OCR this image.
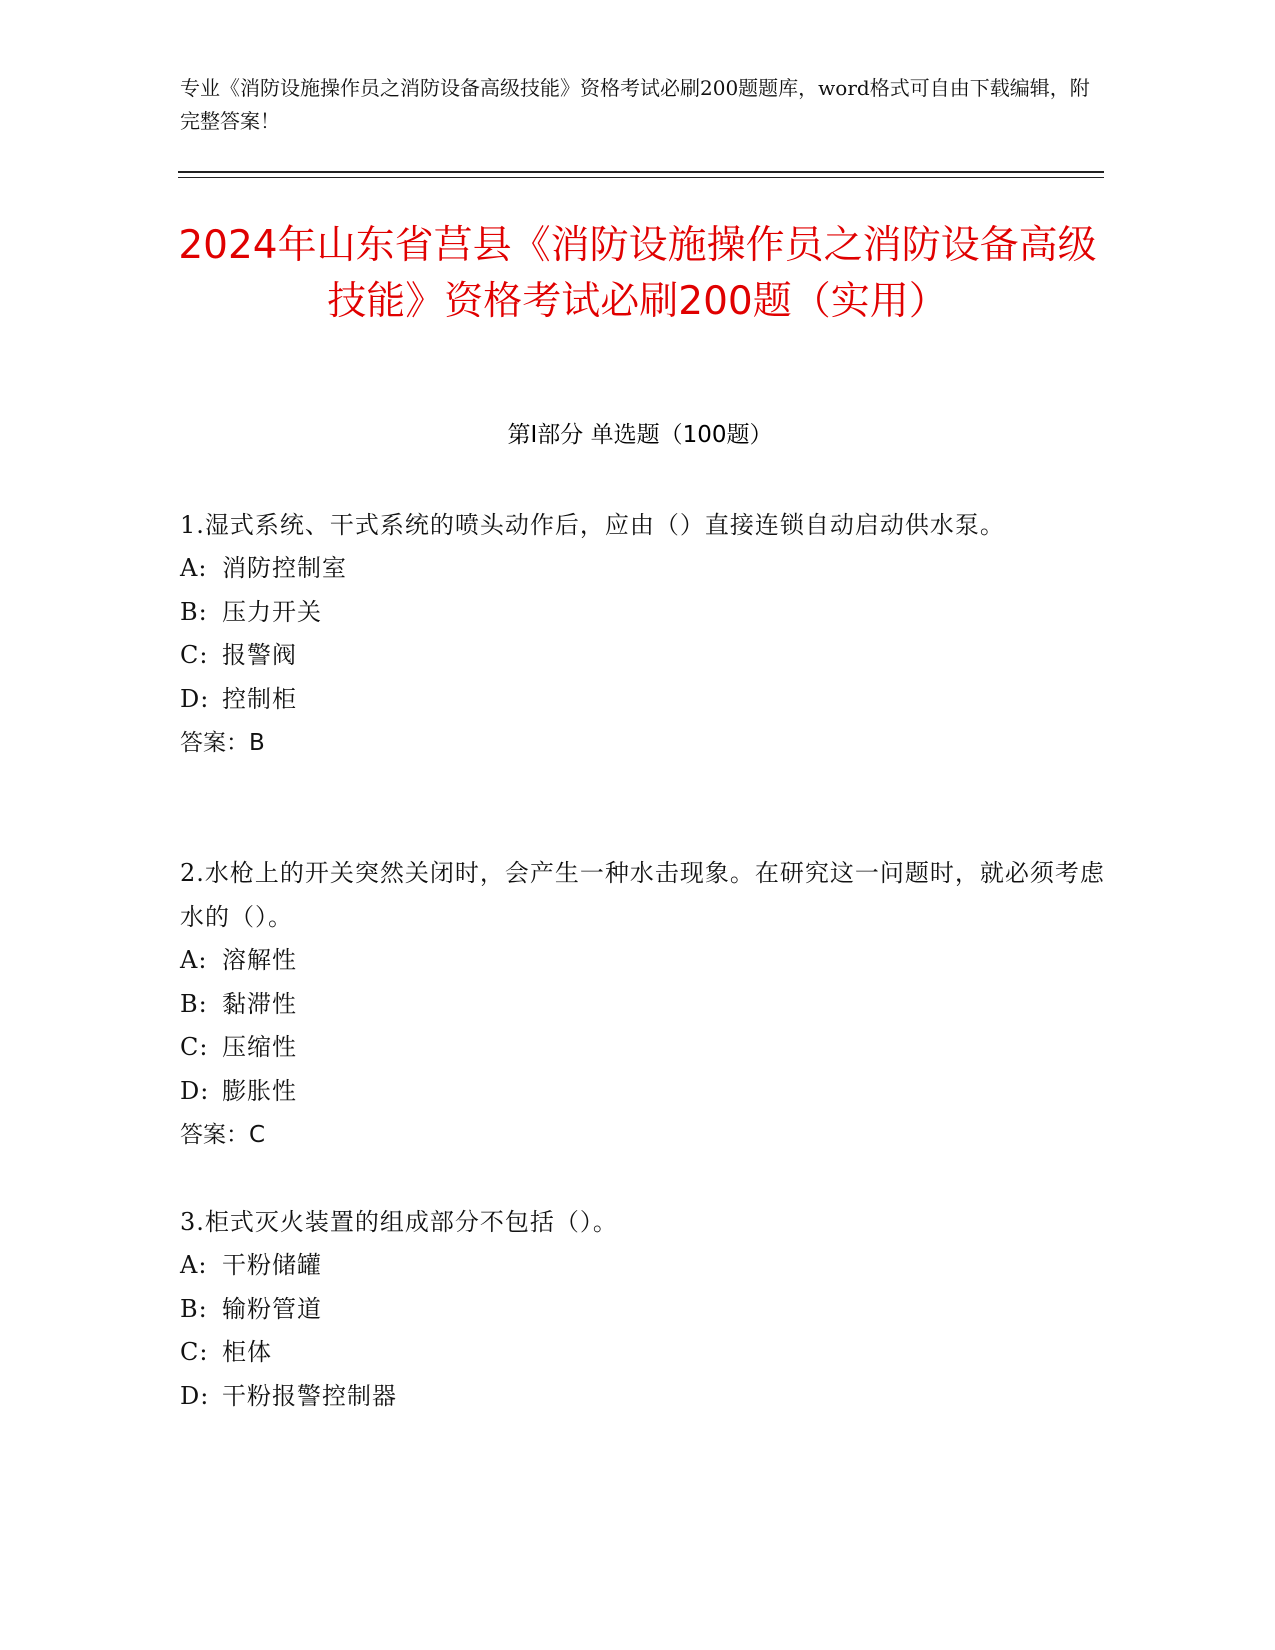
专业《消防设施操作员之消防设备高级技能》资格考试必刷200题题库，word格式可自由下载编辑，附完整答案！
2024年山东省莒县《消防设施操作员之消防设备高级技能》资格考试必刷200题（实用）
第Ⅰ部分 单选题（100题）
1.湿式系统、干式系统的喷头动作后，应由（）直接连锁自动启动供水泵。
A: 消防控制室
B: 压力开关
C: 报警阀
D: 控制柜
答案：B
2.水枪上的开关突然关闭时，会产生一种水击现象。在研究这一问题时，就必须考虑水的（）。
A: 溶解性
B: 黏滞性
C: 压缩性
D: 膨胀性
答案：C
3.柜式灭火装置的组成部分不包括（）。
A: 干粉储罐
B: 输粉管道
C: 柜体
D: 干粉报警控制器
